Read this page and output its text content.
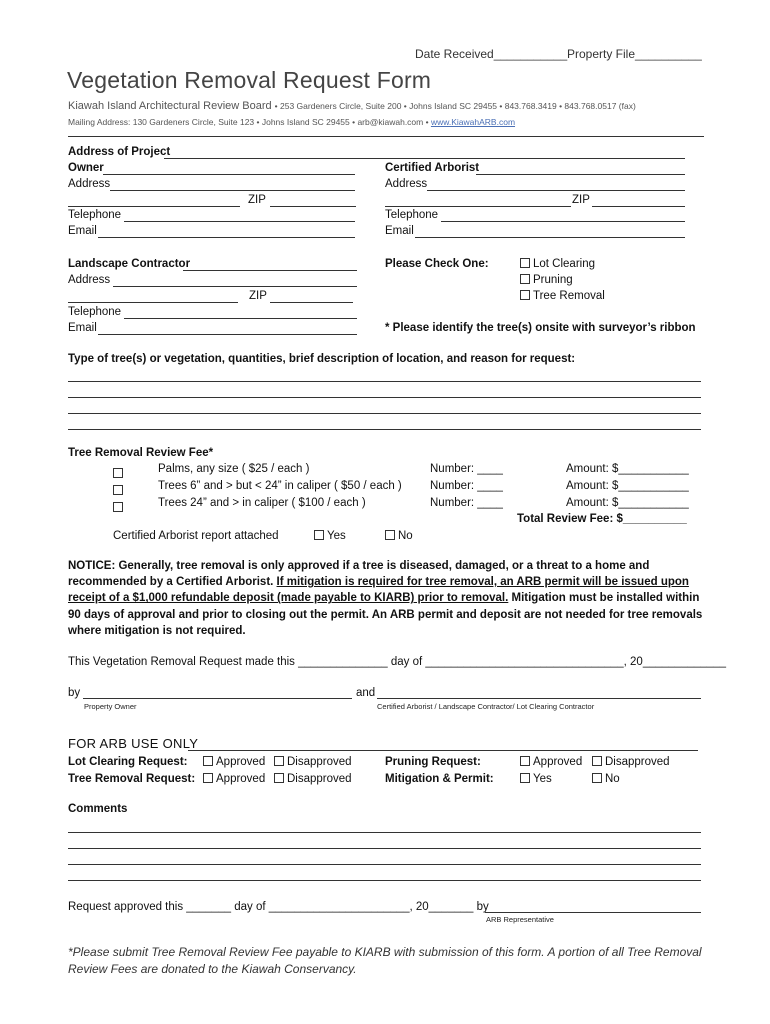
Date Received___________ Property File__________
Vegetation Removal Request Form
Kiawah Island Architectural Review Board • 253 Gardeners Circle, Suite 200 • Johns Island SC 29455 • 843.768.3419 • 843.768.0517 (fax)
Mailing Address: 130 Gardeners Circle, Suite 123 • Johns Island SC 29455 • arb@kiawah.com • www.KiawahARB.com
Address of Project
Owner
Address
ZIP
Telephone
Email
Certified Arborist
Address
ZIP
Telephone
Email
Landscape Contractor
Address
ZIP
Telephone
Email
Please Check One:	Lot Clearing
Pruning
Tree Removal
* Please identify the tree(s) onsite with surveyor’s ribbon
Type of tree(s) or vegetation, quantities, brief description of location, and reason for request:
Tree Removal Review Fee*
Palms, any size ( $25 / each )	Number: ____	Amount: $___________
Trees 6” and > but < 24” in caliper ( $50 / each ) Number: ____	Amount: $___________
Trees 24” and > in caliper ( $100 / each )	Number: ____	Amount: $___________
Total Review Fee: $__________
Certified Arborist report attached	Yes	No
NOTICE: Generally, tree removal is only approved if a tree is diseased, damaged, or a threat to a home and recommended by a Certified Arborist. If mitigation is required for tree removal, an ARB permit will be issued upon receipt of a $1,000 refundable deposit (made payable to KIARB) prior to removal. Mitigation must be installed within 90 days of approval and prior to closing out the permit. An ARB permit and deposit are not needed for tree removals where mitigation is not required.
This Vegetation Removal Request made this ______________ day of _______________________________, 20_____________
by	and
Property Owner	Certified Arborist / Landscape Contractor/ Lot Clearing Contractor
FOR ARB USE ONLY
Lot Clearing Request:	Approved	Disapproved
Tree Removal Request:	Approved	Disapproved
Pruning Request:	Approved	Disapproved
Mitigation & Permit:	Yes	No
Comments
Request approved this _______ day of ______________________, 20_______ by
ARB Representative
*Please submit Tree Removal Review Fee payable to KIARB with submission of this form. A portion of all Tree Removal Review Fees are donated to the Kiawah Conservancy.
